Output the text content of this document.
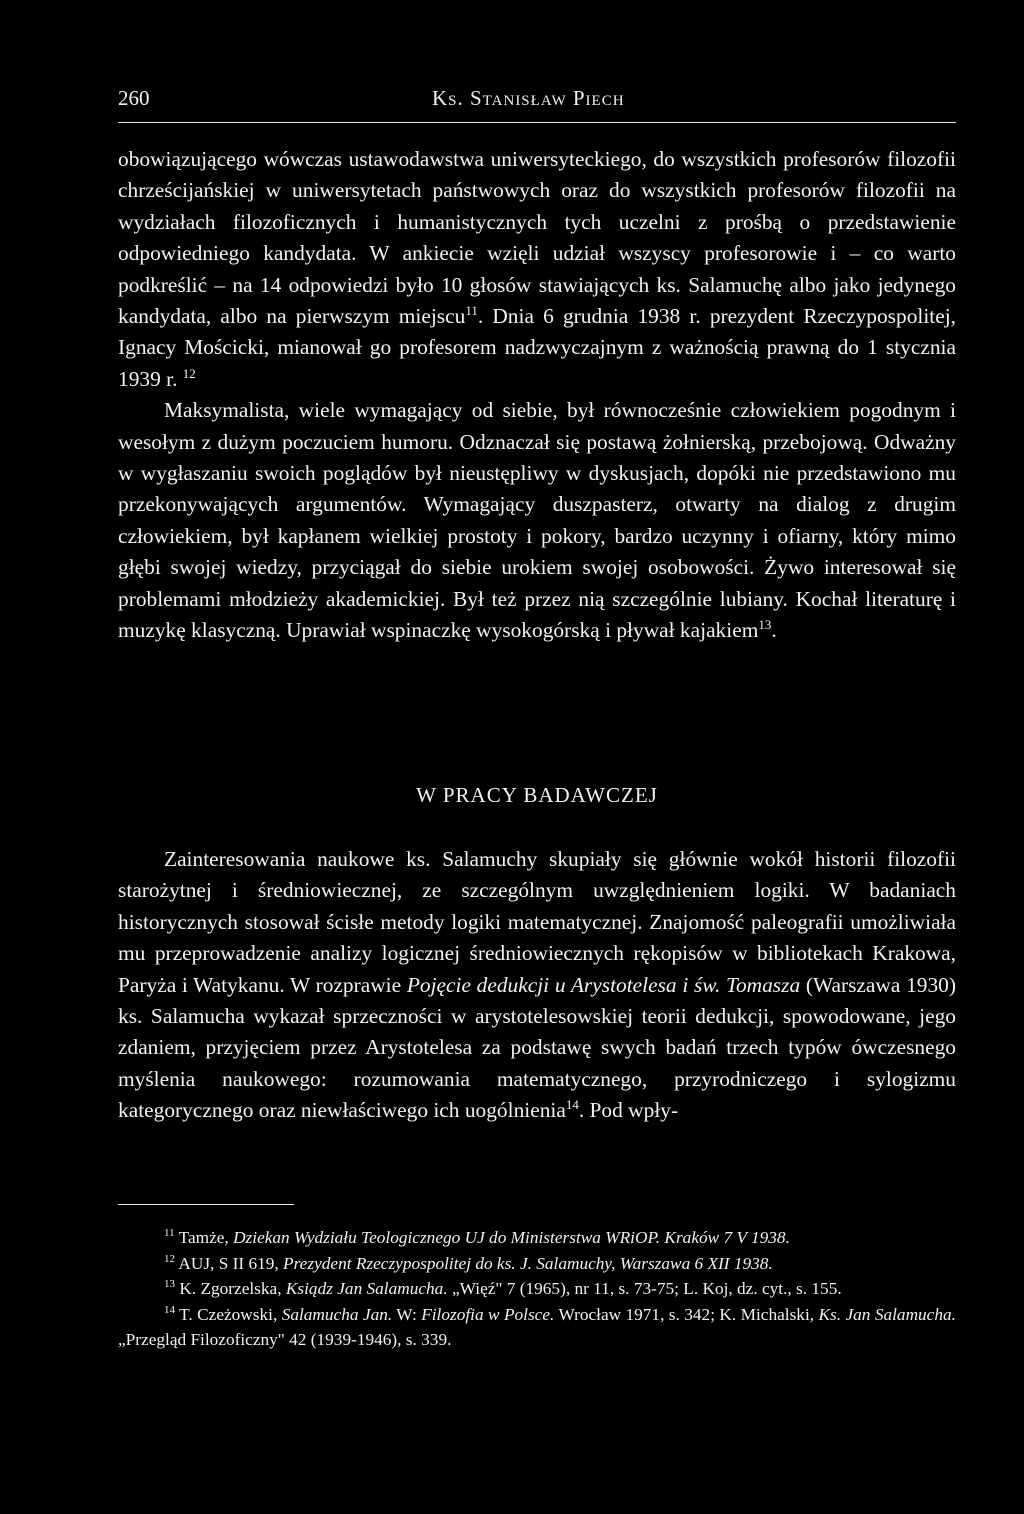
260	Ks. Stanisław Piech

obowiązującego wówczas ustawodawstwa uniwersyteckiego, do wszystkich profesorów filozofii chrześcijańskiej w uniwersytetach państwowych oraz do wszystkich profesorów filozofii na wydziałach filozoficznych i humanistycznych tych uczelni z prośbą o przedstawienie odpowiedniego kandydata. W ankiecie wzięli udział wszyscy profesorowie i – co warto podkreślić – na 14 odpowiedzi było 10 głosów stawiających ks. Salamuchę albo jako jedynego kandydata, albo na pierwszym miejscu$^{11}$. Dnia 6 grudnia 1938 r. prezydent Rzeczypospolitej, Ignacy Mościcki, mianował go profesorem nadzwyczajnym z ważnością prawną do 1 stycznia 1939 r. $^{12}$

Maksymalista, wiele wymagający od siebie, był równocześnie człowiekiem pogodnym i wesołym z dużym poczuciem humoru. Odznaczał się postawą żołnierską, przebojową. Odważny w wygłaszaniu swoich poglądów był nieustępliwy w dyskusjach, dopóki nie przedstawiono mu przekonywających argumentów. Wymagający duszpasterz, otwarty na dialog z drugim człowiekiem, był kapłanem wielkiej prostoty i pokory, bardzo uczynny i ofiarny, który mimo głębi swojej wiedzy, przyciągał do siebie urokiem swojej osobowości. Żywo interesował się problemami młodzieży akademickiej. Był też przez nią szczególnie lubiany. Kochał literaturę i muzykę klasyczną. Uprawiał wspinaczkę wysokogórską i pływał kajakiem$^{13}$.

W PRACY BADAWCZEJ

Zainteresowania naukowe ks. Salamuchy skupiały się głównie wokół historii filozofii starożytnej i średniowiecznej, ze szczególnym uwzględnieniem logiki. W badaniach historycznych stosował ścisłe metody logiki matematycznej. Znajomość paleografii umożliwiała mu przeprowadzenie analizy logicznej średniowiecznych rękopisów w bibliotekach Krakowa, Paryża i Watykanu. W rozprawie Pojęcie dedukcji u Arystotelesa i św. Tomasza (Warszawa 1930) ks. Salamucha wykazał sprzeczności w arystotelesowskiej teorii dedukcji, spowodowane, jego zdaniem, przyjęciem przez Arystotelesa za podstawę swych badań trzech typów ówczesnego myślenia naukowego: rozumowania matematycznego, przyrodniczego i sylogizmu kategorycznego oraz niewłaściwego ich uogólnienia$^{14}$. Pod wpły-

$^{11}$ Tamże, Dziekan Wydziału Teologicznego UJ do Ministerstwa WRiOP. Kraków 7 V 1938.

$^{12}$ AUJ, S II 619, Prezydent Rzeczypospolitej do ks. J. Salamuchy, Warszawa 6 XII 1938.

$^{13}$ K. Zgorzelska, Ksiądz Jan Salamucha. „Więź" 7 (1965), nr 11, s. 73-75; L. Koj, dz. cyt., s. 155.

$^{14}$ T. Czeżowski, Salamucha Jan. W: Filozofia w Polsce. Wrocław 1971, s. 342; K. Michalski, Ks. Jan Salamucha. „Przegląd Filozoficzny" 42 (1939-1946), s. 339.
